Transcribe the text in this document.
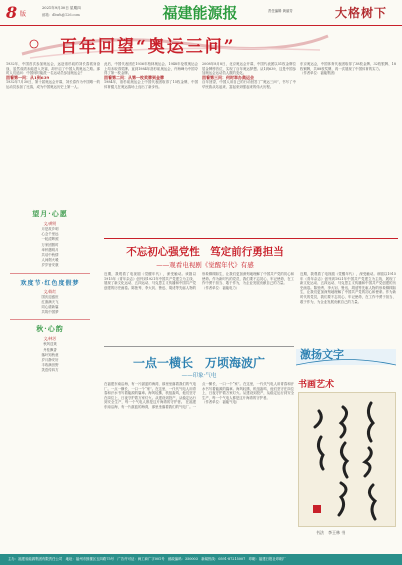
8 版
2021年9月30日 星期四
邮箱：dhwh@126.com	福建能源报	责任编辑 黄丽芳	大格树下
百年回望“奥运三问”
1932年，中国首次参加奥运会，远赴洛杉矶的刘长春孤身奋战，虽然成绩未能进入决赛，却开启了中国人的奥运之路。那时人们追问：中国何时能派一名运动员参加奥运会？
回看第一问：从1到639
1932年7月30日，第十届奥运会开幕，刘长春作为中国唯一的运动员参加了比赛，成为中国奥运历史上第一人。
此后，中国代表团在1936年柏林奥运会、1948年伦敦奥运会上均未取得奖牌。直到1984年洛杉矶奥运会，许海峰为中国夺得了第一枚金牌。
回看第二问：从第一枚奖牌到金牌
1984年，洛杉矶奥运会上中国代表团取得了15枚金牌，中国体育健儿在奥运赛场上迈出了新步伐。
2008年8月8日，北京奥运会开幕，中国代表团以51枚金牌位居金牌榜首位，实现了百年奥运梦想。从1到639，这是中国参加奥运会运动员人数的变化。
回看第三问：何时举办奥运会
百年回望，中国人用自己的行动回答了“奥运三问”，书写了中华民族从站起来、富起来到强起来的伟大历程。
东京奥运会，中国体育代表团取得了38枚金牌、32枚银牌、18枚铜牌，共88枚奖牌，再一次展现了中国体育的实力。
（作者单位：福能集团）
望月·心愿
文/黄明
月是故乡明
心念千里远
一轮清辉照
万家团圆时
举杯邀明月
共话中秋情
人间烟火暖
岁岁皆安康
欢度节·红色度假梦
文/陈红
国庆迎盛世
红旗满天飞
同心谱新篇
共筑中国梦
秋·心韵
文/林芳
秋风送爽
丹桂飘香
落叶知秋意
岁月静安好
丰收满田野
笑语传四方
不忘初心强党性　笃定前行勇担当
——观看电视剧《觉醒年代》有感
近期，我观看了电视剧《觉醒年代》，深受触动。该剧以1915年《青年杂志》创刊到1921年中国共产党建立为主线，展现了新文化运动、五四运动、马克思主义传播和中国共产党创建的历史画卷。陈独秀、李大钊、鲁迅、胡适等先驱人物的形象栩栩如生，让我们更加深刻地理解了中国共产党的初心和使命。作为新时代的党员，我们要不忘初心、牢记使命，在工作中勇于担当、敢于作为，为企业发展贡献自己的力量。
（作者单位：福能电力）
近期，我观看了电视剧《觉醒年代》，深受触动。该剧以1915年《青年杂志》创刊到1921年中国共产党建立为主线，展现了新文化运动、五四运动、马克思主义传播和中国共产党创建的历史画卷。陈独秀、李大钊、鲁迅、胡适等先驱人物的形象栩栩如生，让我们更加深刻地理解了中国共产党的初心和使命。作为新时代的党员，我们要不忘初心、牢记使命，在工作中勇于担当、敢于作为，为企业发展贡献自己的力量。
激扬文字
书画艺术
书法　李王林 书
一点一横长　万顷海波广
——印象·气电
在福建东南沿海，有一片湛蓝的海湾，那里坐落着我们的气电厂。一点一横长，一口一个“家”。在这里，一代代气电人用青春和汗水书写着能源的篇章。海风轻拂，机组轰鸣，他们坚守在岗位上，日夜守护着万家灯火。从建设到投产，从稳定运行到安全生产，每一个气电人都是这片海湾的守护者。 在福建东南沿海，有一片湛蓝的海湾，那里坐落着我们的气电厂。一点一横长，一口一个“家”。在这里，一代代气电人用青春和汗水书写着能源的篇章。海风轻拂，机组轰鸣，他们坚守在岗位上，日夜守护着万家灯火。从建设到投产，从稳定运行到安全生产，每一个气电人都是这片海湾的守护者。
（作者单位：福能气电）
主办：福建省能源集团有限责任公司　地址：福州市鼓楼区五四路75号　广告许可证：闽工商广字001号　邮政编码：350003　新闻热线：0591-87215007　印刷：福建日报社印刷厂
